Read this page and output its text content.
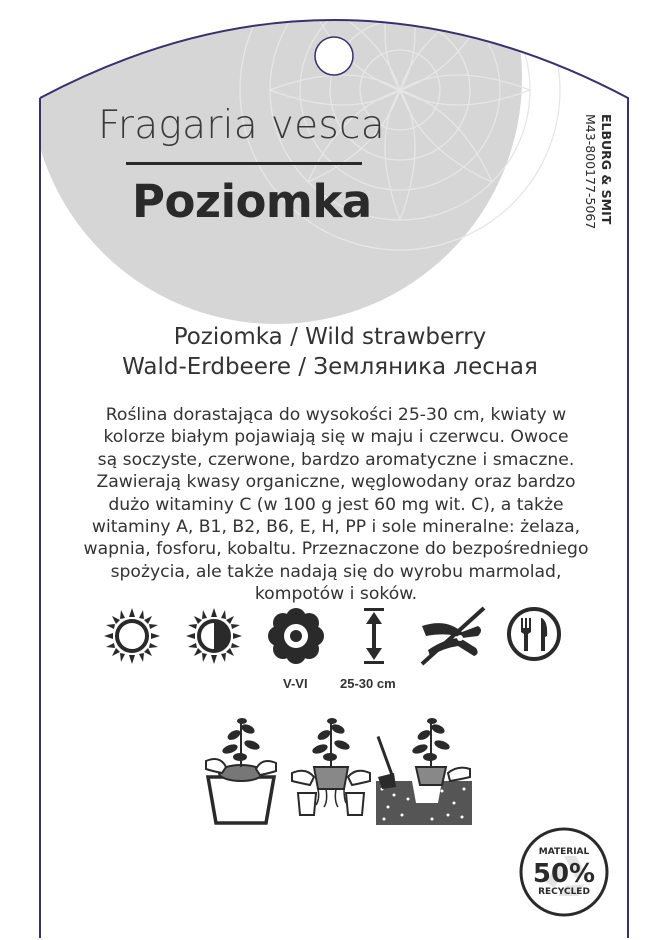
Fragaria vesca
Poziomka	ELBURG & SMIT
M43-800177-5067
Poziomka / Wild strawberry
Wald-Erdbeere / Земляника лесная
Roślina dorastająca do wysokości 25-30 cm, kwiaty w
kolorze białym pojawiają się w maju i czerwcu. Owoce
są soczyste, czerwone, bardzo aromatyczne i smaczne.
Zawierają kwasy organiczne, węglowodany oraz bardzo
dużo witaminy C (w 100 g jest 60 mg wit. C), a także
witaminy A, B1, B2, B6, E, H, PP i sole mineralne: żelaza,
wapnia, fosforu, kobaltu. Przeznaczone do bezpośredniego
spożycia, ale także nadają się do wyrobu marmolad,
kompotów i soków.
V-VI 25-30 cm
MATERIAL
50%
RECYCLED
